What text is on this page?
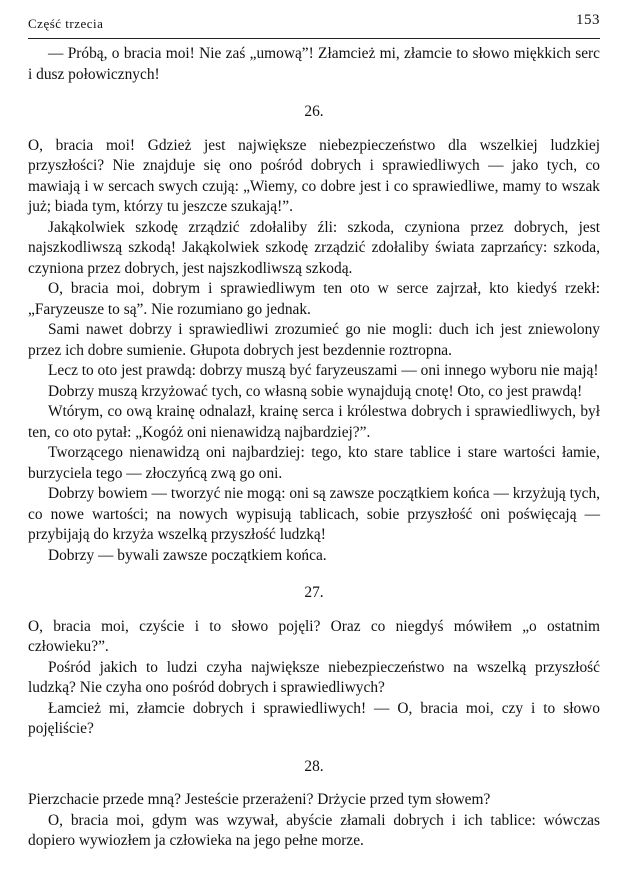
Część trzecia	153

— Próbą, o bracia moi! Nie zaś „umową”! Złamcież mi, złamcie to słowo miękkich serc i dusz połowicznych!

26.

O, bracia moi! Gdzież jest największe niebezpieczeństwo dla wszelkiej ludzkiej przyszłości? Nie znajduje się ono pośród dobrych i sprawiedliwych — jako tych, co mawiają i w sercach swych czują: „Wiemy, co dobre jest i co sprawiedliwe, mamy to wszak już; biada tym, którzy tu jeszcze szukają!”.

Jakąkolwiek szkodę zrządzić zdołaliby źli: szkoda, czyniona przez dobrych, jest najszkodliwszą szkodą! Jakąkolwiek szkodę zrządzić zdołaliby świata zaprzańcy: szkoda, czyniona przez dobrych, jest najszkodliwszą szkodą.

O, bracia moi, dobrym i sprawiedliwym ten oto w serce zajrzał, kto kiedyś rzekł: „Faryzeusze to są”. Nie rozumiano go jednak.

Sami nawet dobrzy i sprawiedliwi zrozumieć go nie mogli: duch ich jest zniewolony przez ich dobre sumienie. Głupota dobrych jest bezdennie roztropna.

Lecz to oto jest prawdą: dobrzy muszą być faryzeuszami — oni innego wyboru nie mają!

Dobrzy muszą krzyżować tych, co własną sobie wynajdują cnotę! Oto, co jest prawdą!

Wtórym, co ową krainę odnalazł, krainę serca i królestwa dobrych i sprawiedliwych, był ten, co oto pytał: „Kogóż oni nienawidzą najbardziej?”.

Tworzącego nienawidzą oni najbardziej: tego, kto stare tablice i stare wartości łamie, burzyciela tego — złoczyńcą zwą go oni.

Dobrzy bowiem — tworzyć nie mogą: oni są zawsze początkiem końca — krzyżują tych, co nowe wartości; na nowych wypisują tablicach, sobie przyszłość oni poświęcają — przybijają do krzyża wszelką przyszłość ludzką!

Dobrzy — bywali zawsze początkiem końca.

27.

O, bracia moi, czyście i to słowo pojęli? Oraz co niegdyś mówiłem „o ostatnim człowieku?”.

Pośród jakich to ludzi czyha największe niebezpieczeństwo na wszelką przyszłość ludzką? Nie czyha ono pośród dobrych i sprawiedliwych?

Łamcież mi, złamcie dobrych i sprawiedliwych! — O, bracia moi, czy i to słowo pojęliście?

28.

Pierzchacie przede mną? Jesteście przerażeni? Drżycie przed tym słowem?

O, bracia moi, gdym was wzywał, abyście złamali dobrych i ich tablice: wówczas dopiero wywiozłem ja człowieka na jego pełne morze.
